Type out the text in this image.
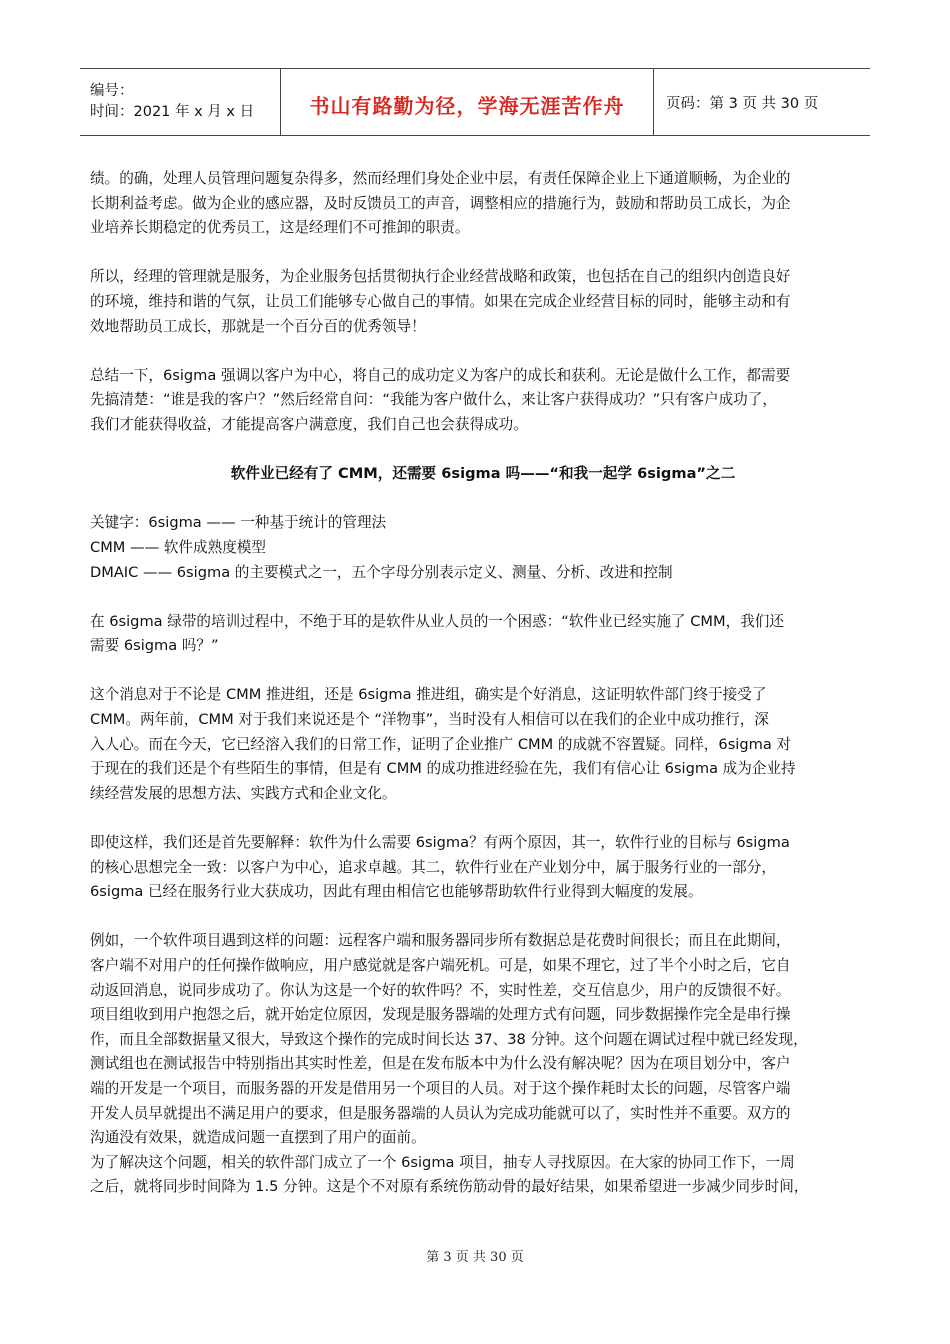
编号：
时间：2021 年 x 月 x 日	书山有路勤为径，学海无涯苦作舟	页码：第 3 页 共 30 页

绩。的确，处理人员管理问题复杂得多，然而经理们身处企业中层，有责任保障企业上下通道顺畅，为企业的
长期利益考虑。做为企业的感应器，及时反馈员工的声音，调整相应的措施行为，鼓励和帮助员工成长，为企
业培养长期稳定的优秀员工，这是经理们不可推卸的职责。

所以，经理的管理就是服务，为企业服务包括贯彻执行企业经营战略和政策，也包括在自己的组织内创造良好
的环境，维持和谐的气氛，让员工们能够专心做自己的事情。如果在完成企业经营目标的同时，能够主动和有
效地帮助员工成长，那就是一个百分百的优秀领导！

总结一下，6sigma 强调以客户为中心，将自己的成功定义为客户的成长和获利。无论是做什么工作，都需要
先搞清楚：“谁是我的客户？”然后经常自问：“我能为客户做什么，来让客户获得成功？”只有客户成功了，
我们才能获得收益，才能提高客户满意度，我们自己也会获得成功。

软件业已经有了 CMM，还需要 6sigma 吗——“和我一起学 6sigma”之二

关键字：6sigma —— 一种基于统计的管理法
CMM —— 软件成熟度模型
DMAIC —— 6sigma 的主要模式之一，五个字母分别表示定义、测量、分析、改进和控制

在 6sigma 绿带的培训过程中，不绝于耳的是软件从业人员的一个困惑：“软件业已经实施了 CMM，我们还
需要 6sigma 吗？”

这个消息对于不论是 CMM 推进组，还是 6sigma 推进组，确实是个好消息，这证明软件部门终于接受了
CMM。两年前，CMM 对于我们来说还是个 “洋物事”，当时没有人相信可以在我们的企业中成功推行，深
入人心。而在今天，它已经溶入我们的日常工作，证明了企业推广 CMM 的成就不容置疑。同样，6sigma 对
于现在的我们还是个有些陌生的事情，但是有 CMM 的成功推进经验在先，我们有信心让 6sigma 成为企业持
续经营发展的思想方法、实践方式和企业文化。

即使这样，我们还是首先要解释：软件为什么需要 6sigma？有两个原因，其一，软件行业的目标与 6sigma
的核心思想完全一致：以客户为中心，追求卓越。其二，软件行业在产业划分中，属于服务行业的一部分，
6sigma 已经在服务行业大获成功，因此有理由相信它也能够帮助软件行业得到大幅度的发展。

例如，一个软件项目遇到这样的问题：远程客户端和服务器同步所有数据总是花费时间很长；而且在此期间，
客户端不对用户的任何操作做响应，用户感觉就是客户端死机。可是，如果不理它，过了半个小时之后，它自
动返回消息，说同步成功了。你认为这是一个好的软件吗？不，实时性差，交互信息少，用户的反馈很不好。
项目组收到用户抱怨之后，就开始定位原因，发现是服务器端的处理方式有问题，同步数据操作完全是串行操
作，而且全部数据量又很大，导致这个操作的完成时间长达 37、38 分钟。这个问题在调试过程中就已经发现，
测试组也在测试报告中特别指出其实时性差，但是在发布版本中为什么没有解决呢？因为在项目划分中，客户
端的开发是一个项目，而服务器的开发是借用另一个项目的人员。对于这个操作耗时太长的问题，尽管客户端
开发人员早就提出不满足用户的要求，但是服务器端的人员认为完成功能就可以了，实时性并不重要。双方的
沟通没有效果，就造成问题一直摆到了用户的面前。
为了解决这个问题，相关的软件部门成立了一个 6sigma 项目，抽专人寻找原因。在大家的协同工作下，一周
之后，就将同步时间降为 1.5 分钟。这是个不对原有系统伤筋动骨的最好结果，如果希望进一步减少同步时间，

第 3 页 共 30 页
